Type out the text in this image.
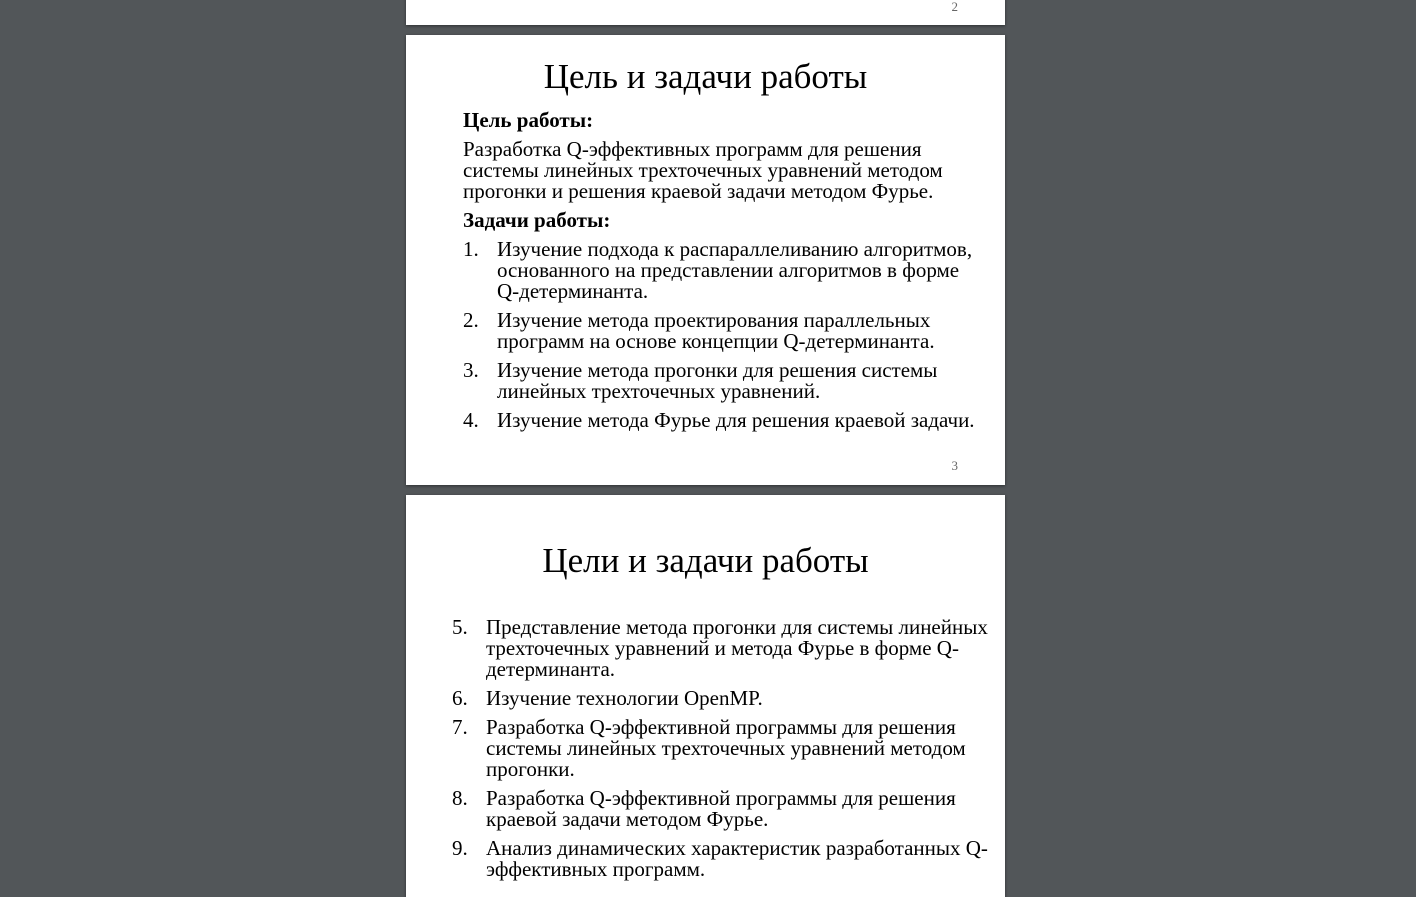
2
Цель и задачи работы
Цель работы:
Разработка Q-эффективных программ для решения системы линейных трехточечных уравнений методом прогонки и решения краевой задачи методом Фурье.
Задачи работы:
1. Изучение подхода к распараллеливанию алгоритмов, основанного на представлении алгоритмов в форме Q-детерминанта.
2. Изучение метода проектирования параллельных программ на основе концепции Q-детерминанта.
3. Изучение метода прогонки для решения системы линейных трехточечных уравнений.
4. Изучение метода Фурье для решения краевой задачи.
3
Цели и задачи работы
5. Представление метода прогонки для системы линейных трехточечных уравнений и метода Фурье в форме Q-детерминанта.
6. Изучение технологии OpenMP.
7. Разработка Q-эффективной программы для решения системы линейных трехточечных уравнений методом прогонки.
8. Разработка Q-эффективной программы для решения краевой задачи методом Фурье.
9. Анализ динамических характеристик разработанных Q-эффективных программ.
